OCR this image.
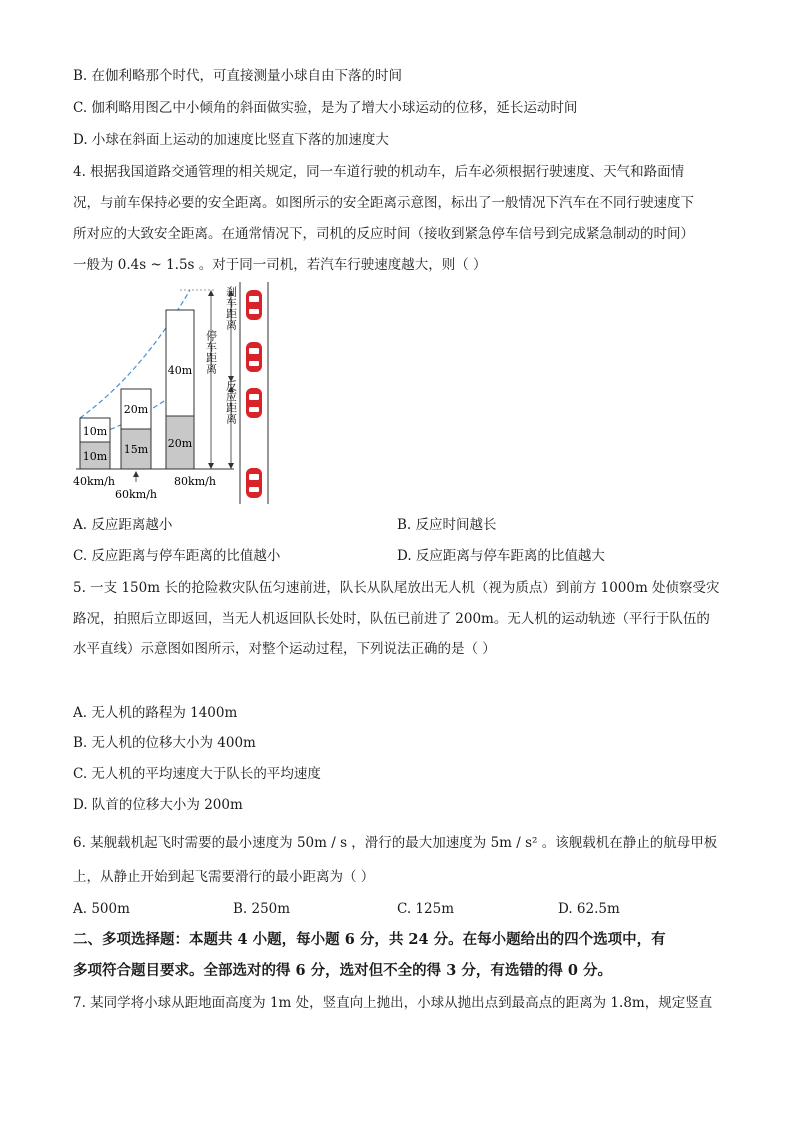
B. 在伽利略那个时代，可直接测量小球自由下落的时间
C. 伽利略用图乙中小倾角的斜面做实验，是为了增大小球运动的位移，延长运动时间
D. 小球在斜面上运动的加速度比竖直下落的加速度大
4. 根据我国道路交通管理的相关规定，同一车道行驶的机动车，后车必须根据行驶速度、天气和路面情
况，与前车保持必要的安全距离。如图所示的安全距离示意图，标出了一般情况下汽车在不同行驶速度下
所对应的大致安全距离。在通常情况下，司机的反应时间（接收到紧急停车信号到完成紧急制动的时间）
一般为 0.4s ~ 1.5s 。对于同一司机，若汽车行驶速度越大，则（ ）
10m
10m
20m
15m
40m
20m
40km/h
60km/h
80km/h
停车距离
刹车距离
反应距离
A. 反应距离越小	B. 反应时间越长
C. 反应距离与停车距离的比值越小	D. 反应距离与停车距离的比值越大
5. 一支 150m 长的抢险救灾队伍匀速前进，队长从队尾放出无人机（视为质点）到前方 1000m 处侦察受灾
路况，拍照后立即返回，当无人机返回队长处时，队伍已前进了 200m。无人机的运动轨迹（平行于队伍的
水平直线）示意图如图所示，对整个运动过程，下列说法正确的是（ ）
A. 无人机的路程为 1400m
B. 无人机的位移大小为 400m
C. 无人机的平均速度大于队长的平均速度
D. 队首的位移大小为 200m
6. 某舰载机起飞时需要的最小速度为 50m / s ，滑行的最大加速度为 5m / s² 。该舰载机在静止的航母甲板
上，从静止开始到起飞需要滑行的最小距离为（ ）
A. 500m	B. 250m	C. 125m	D. 62.5m
二、多项选择题：本题共 4 小题，每小题 6 分，共 24 分。在每小题给出的四个选项中，有
多项符合题目要求。全部选对的得 6 分，选对但不全的得 3 分，有选错的得 0 分。
7. 某同学将小球从距地面高度为 1m 处，竖直向上抛出，小球从抛出点到最高点的距离为 1.8m，规定竖直
